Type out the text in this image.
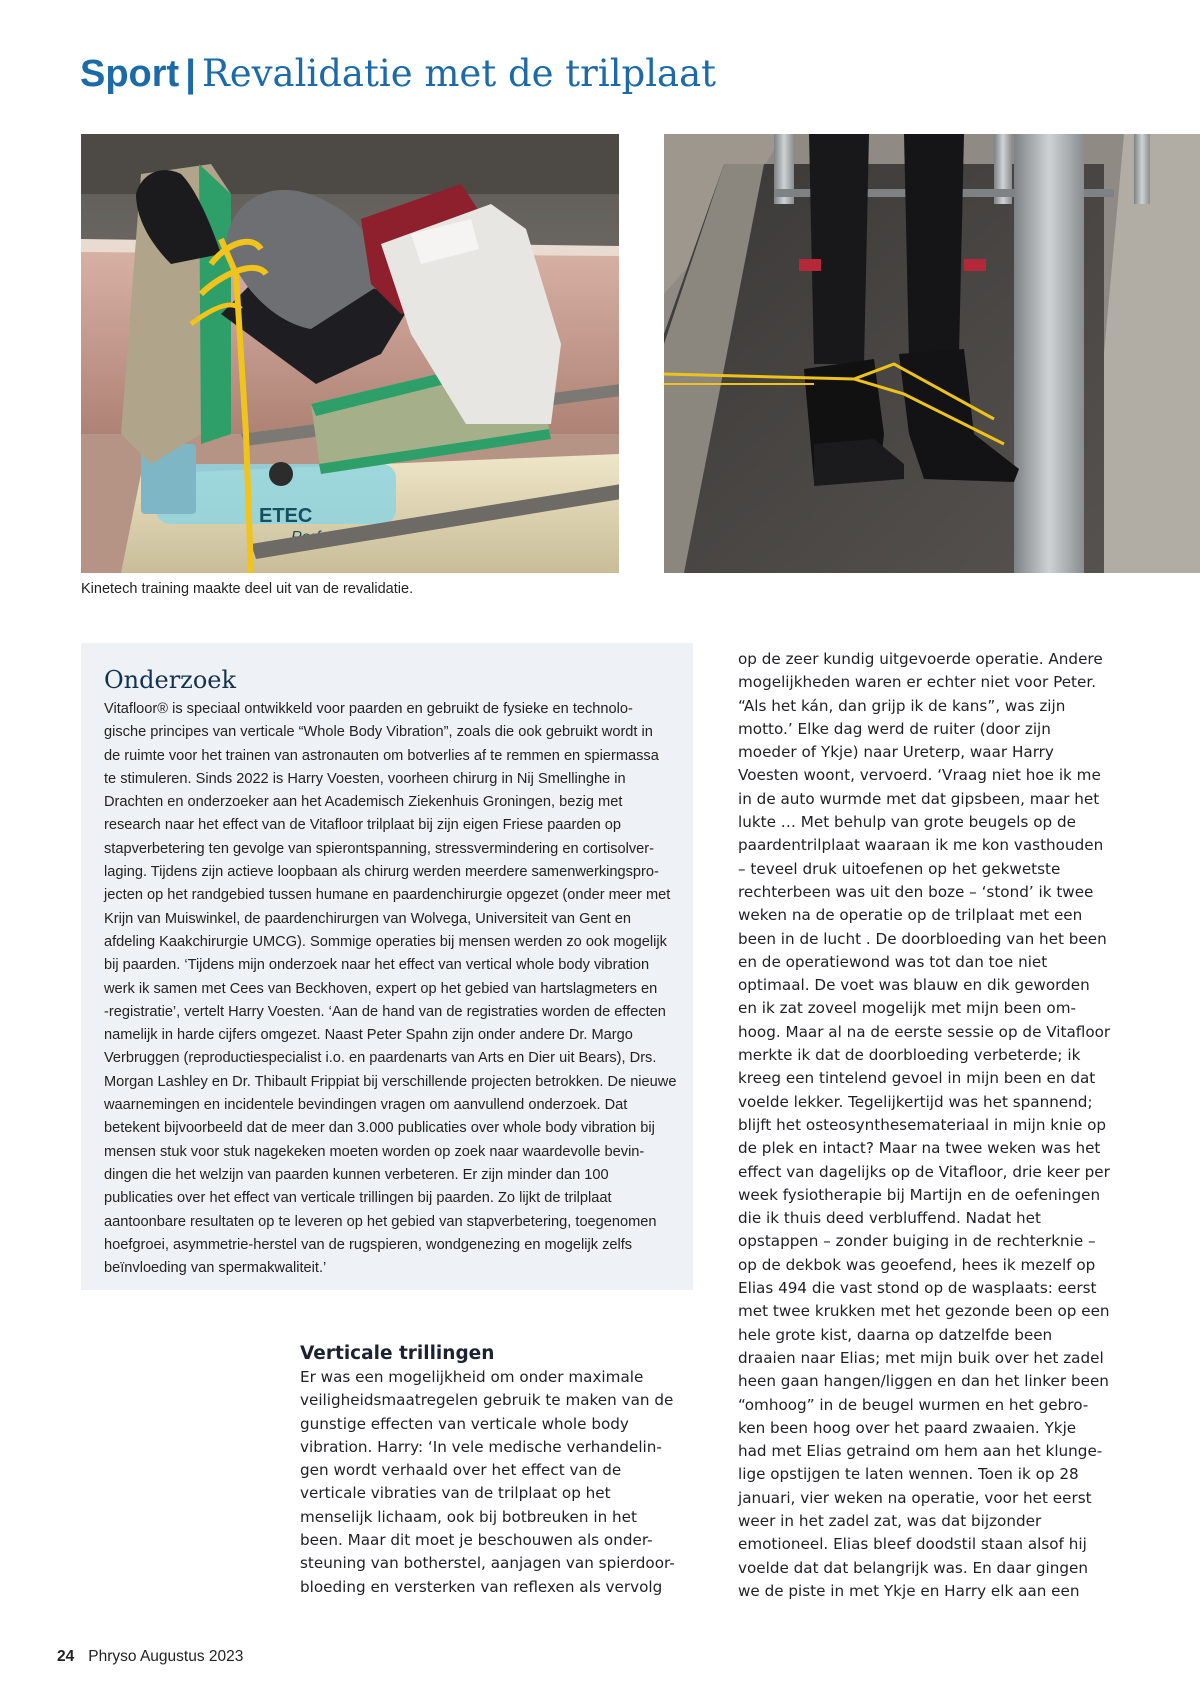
Sport | Revalidatie met de trilplaat
ETEC
Kinetech training maakte deel uit van de revalidatie.
Onderzoek
Vitafloor® is speciaal ontwikkeld voor paarden en gebruikt de fysieke en technolo-
gische principes van verticale “Whole Body Vibration”, zoals die ook gebruikt wordt in
de ruimte voor het trainen van astronauten om botverlies af te remmen en spiermassa
te stimuleren. Sinds 2022 is Harry Voesten, voorheen chirurg in Nij Smellinghe in
Drachten en onderzoeker aan het Academisch Ziekenhuis Groningen, bezig met
research naar het effect van de Vitafloor trilplaat bij zijn eigen Friese paarden op
stapverbetering ten gevolge van spierontspanning, stressvermindering en cortisolver-
laging. Tijdens zijn actieve loopbaan als chirurg werden meerdere samenwerkingspro-
jecten op het randgebied tussen humane en paardenchirurgie opgezet (onder meer met
Krijn van Muiswinkel, de paardenchirurgen van Wolvega, Universiteit van Gent en
afdeling Kaakchirurgie UMCG). Sommige operaties bij mensen werden zo ook mogelijk
bij paarden. ‘Tijdens mijn onderzoek naar het effect van vertical whole body vibration
werk ik samen met Cees van Beckhoven, expert op het gebied van hartslagmeters en
-registratie’, vertelt Harry Voesten. ‘Aan de hand van de registraties worden de effecten
namelijk in harde cijfers omgezet. Naast Peter Spahn zijn onder andere Dr. Margo
Verbruggen (reproductiespecialist i.o. en paardenarts van Arts en Dier uit Bears), Drs.
Morgan Lashley en Dr. Thibault Frippiat bij verschillende projecten betrokken. De nieuwe
waarnemingen en incidentele bevindingen vragen om aanvullend onderzoek. Dat
betekent bijvoorbeeld dat de meer dan 3.000 publicaties over whole body vibration bij
mensen stuk voor stuk nagekeken moeten worden op zoek naar waardevolle bevin-
dingen die het welzijn van paarden kunnen verbeteren. Er zijn minder dan 100
publicaties over het effect van verticale trillingen bij paarden. Zo lijkt de trilplaat
aantoonbare resultaten op te leveren op het gebied van stapverbetering, toegenomen
hoefgroei, asymmetrie-herstel van de rugspieren, wondgenezing en mogelijk zelfs
beïnvloeding van spermakwaliteit.’
Verticale trillingen
Er was een mogelijkheid om onder maximale
veiligheidsmaatregelen gebruik te maken van de
gunstige effecten van verticale whole body
vibration. Harry: ‘In vele medische verhandelin-
gen wordt verhaald over het effect van de
verticale vibraties van de trilplaat op het
menselijk lichaam, ook bij botbreuken in het
been. Maar dit moet je beschouwen als onder-
steuning van botherstel, aanjagen van spierdoor-
bloeding en versterken van reflexen als vervolg
op de zeer kundig uitgevoerde operatie. Andere
mogelijkheden waren er echter niet voor Peter.
“Als het kán, dan grijp ik de kans”, was zijn
motto.’ Elke dag werd de ruiter (door zijn
moeder of Ykje) naar Ureterp, waar Harry
Voesten woont, vervoerd. ‘Vraag niet hoe ik me
in de auto wurmde met dat gipsbeen, maar het
lukte … Met behulp van grote beugels op de
paardentrilplaat waaraan ik me kon vasthouden
– teveel druk uitoefenen op het gekwetste
rechterbeen was uit den boze – ‘stond’ ik twee
weken na de operatie op de trilplaat met een
been in de lucht . De doorbloeding van het been
en de operatiewond was tot dan toe niet
optimaal. De voet was blauw en dik geworden
en ik zat zoveel mogelijk met mijn been om-
hoog. Maar al na de eerste sessie op de Vitafloor
merkte ik dat de doorbloeding verbeterde; ik
kreeg een tintelend gevoel in mijn been en dat
voelde lekker. Tegelijkertijd was het spannend;
blijft het osteosynthesemateriaal in mijn knie op
de plek en intact? Maar na twee weken was het
effect van dagelijks op de Vitafloor, drie keer per
week fysiotherapie bij Martijn en de oefeningen
die ik thuis deed verbluffend. Nadat het
opstappen – zonder buiging in de rechterknie –
op de dekbok was geoefend, hees ik mezelf op
Elias 494 die vast stond op de wasplaats: eerst
met twee krukken met het gezonde been op een
hele grote kist, daarna op datzelfde been
draaien naar Elias; met mijn buik over het zadel
heen gaan hangen/liggen en dan het linker been
“omhoog” in de beugel wurmen en het gebro-
ken been hoog over het paard zwaaien. Ykje
had met Elias getraind om hem aan het klunge-
lige opstijgen te laten wennen. Toen ik op 28
januari, vier weken na operatie, voor het eerst
weer in het zadel zat, was dat bijzonder
emotioneel. Elias bleef doodstil staan alsof hij
voelde dat dat belangrijk was. En daar gingen
we de piste in met Ykje en Harry elk aan een
24 Phryso Augustus 2023
